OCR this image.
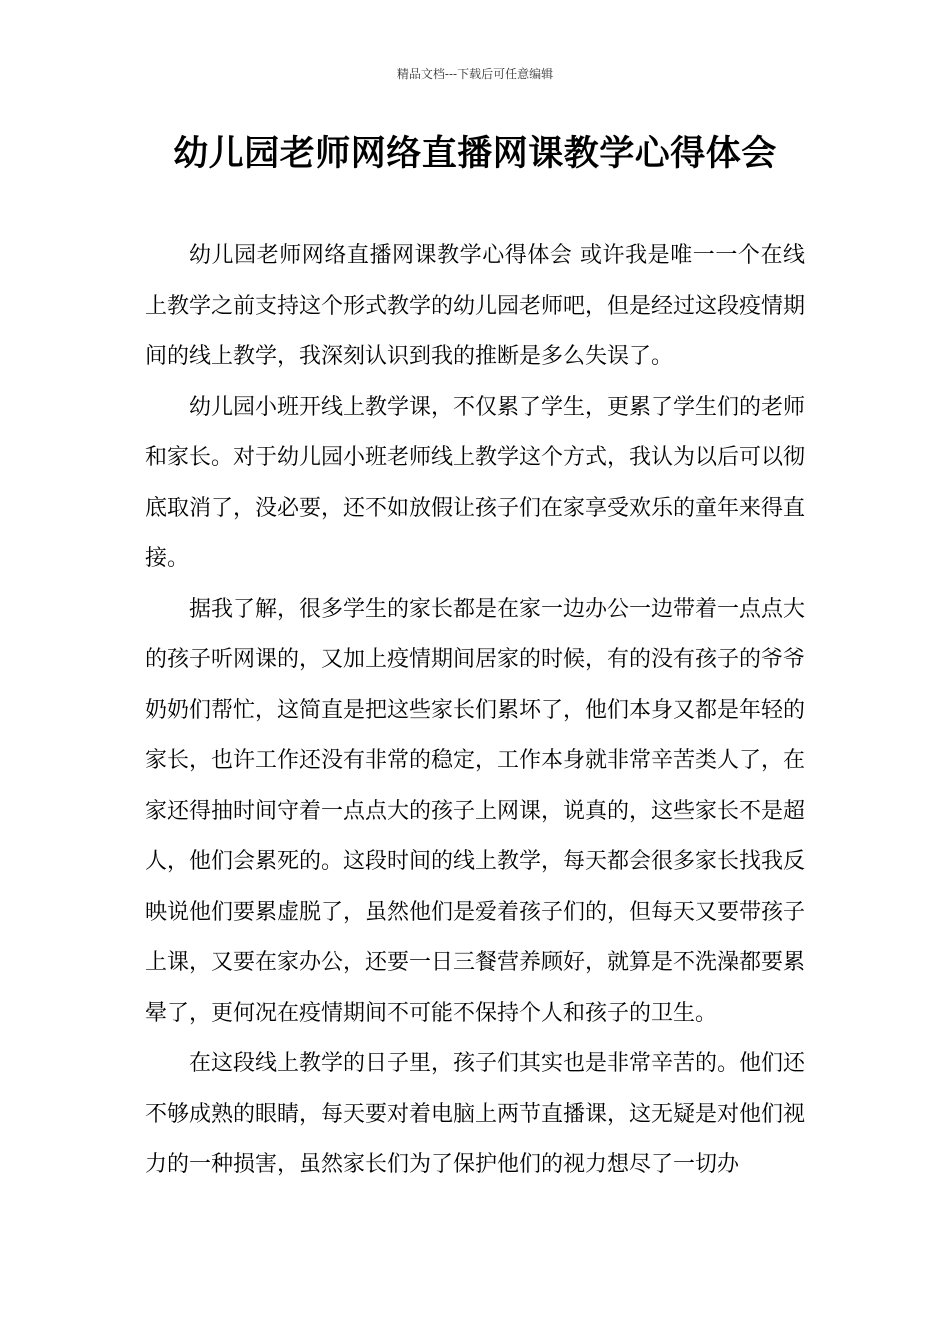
精品文档---下载后可任意编辑
幼儿园老师网络直播网课教学心得体会

幼儿园老师网络直播网课教学心得体会 或许我是唯一一个在线上教学之前支持这个形式教学的幼儿园老师吧，但是经过这段疫情期间的线上教学，我深刻认识到我的推断是多么失误了。

幼儿园小班开线上教学课，不仅累了学生，更累了学生们的老师和家长。对于幼儿园小班老师线上教学这个方式，我认为以后可以彻底取消了，没必要，还不如放假让孩子们在家享受欢乐的童年来得直接。

据我了解，很多学生的家长都是在家一边办公一边带着一点点大的孩子听网课的，又加上疫情期间居家的时候，有的没有孩子的爷爷奶奶们帮忙，这简直是把这些家长们累坏了，他们本身又都是年轻的家长，也许工作还没有非常的稳定，工作本身就非常辛苦类人了，在家还得抽时间守着一点点大的孩子上网课，说真的，这些家长不是超人，他们会累死的。这段时间的线上教学，每天都会很多家长找我反映说他们要累虚脱了，虽然他们是爱着孩子们的，但每天又要带孩子上课，又要在家办公，还要一日三餐营养顾好，就算是不洗澡都要累晕了，更何况在疫情期间不可能不保持个人和孩子的卫生。

在这段线上教学的日子里，孩子们其实也是非常辛苦的。他们还不够成熟的眼睛，每天要对着电脑上两节直播课，这无疑是对他们视力的一种损害，虽然家长们为了保护他们的视力想尽了一切办
